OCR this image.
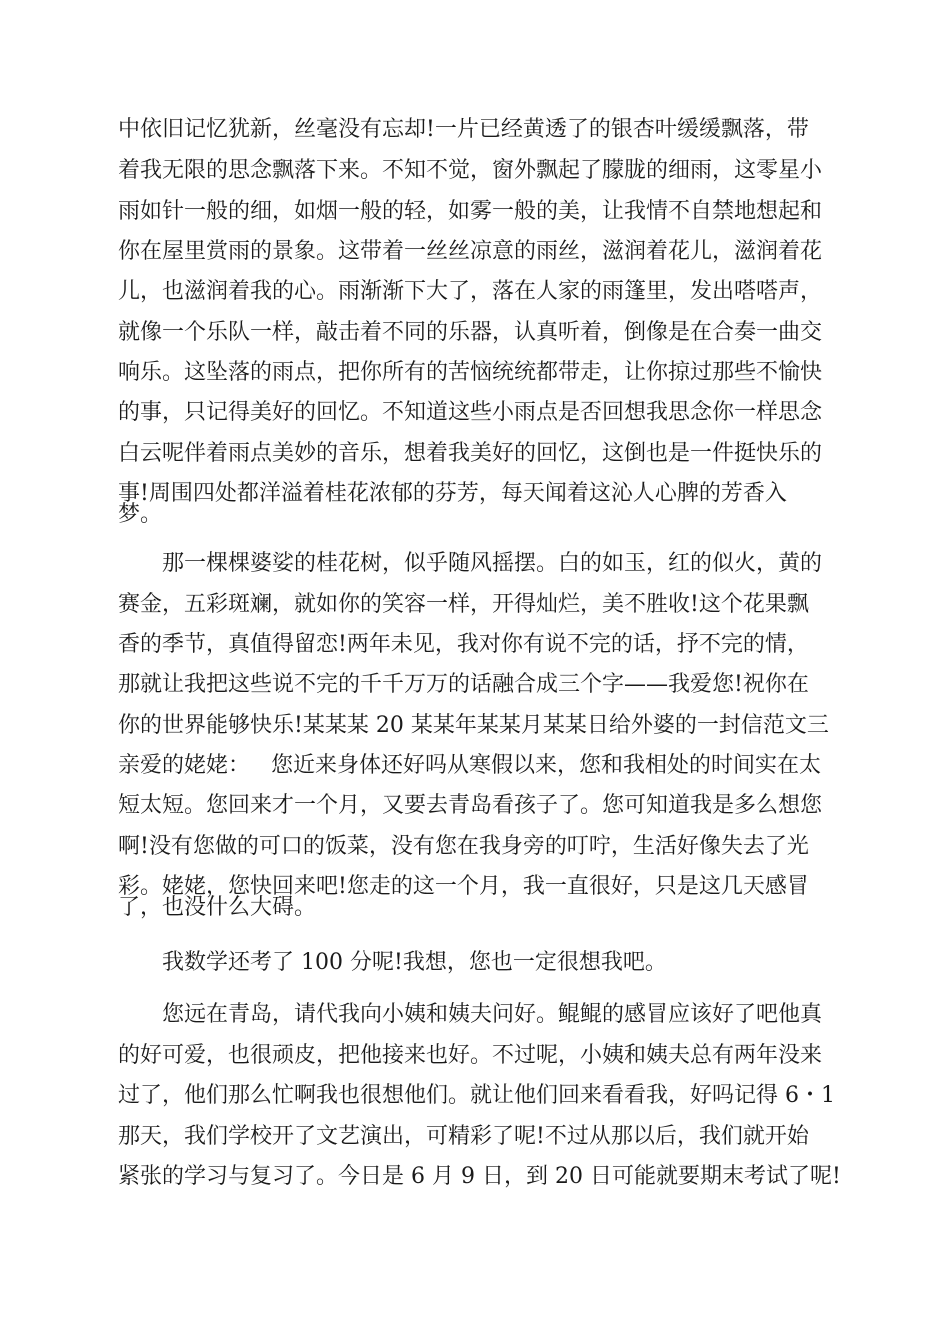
中依旧记忆犹新，丝毫没有忘却!一片已经黄透了的银杏叶缓缓飘落，带
着我无限的思念飘落下来。不知不觉，窗外飘起了朦胧的细雨，这零星小
雨如针一般的细，如烟一般的轻，如雾一般的美，让我情不自禁地想起和
你在屋里赏雨的景象。这带着一丝丝凉意的雨丝，滋润着花儿，滋润着花
儿，也滋润着我的心。雨渐渐下大了，落在人家的雨篷里，发出嗒嗒声，
就像一个乐队一样，敲击着不同的乐器，认真听着，倒像是在合奏一曲交
响乐。这坠落的雨点，把你所有的苦恼统统都带走，让你掠过那些不愉快
的事，只记得美好的回忆。不知道这些小雨点是否回想我思念你一样思念
白云呢伴着雨点美妙的音乐，想着我美好的回忆，这倒也是一件挺快乐的
事!周围四处都洋溢着桂花浓郁的芬芳，每天闻着这沁人心脾的芳香入
梦。
那一棵棵婆娑的桂花树，似乎随风摇摆。白的如玉，红的似火，黄的
赛金，五彩斑斓，就如你的笑容一样，开得灿烂，美不胜收!这个花果飘
香的季节，真值得留恋!两年未见，我对你有说不完的话，抒不完的情，
那就让我把这些说不完的千千万万的话融合成三个字——我爱您!祝你在
你的世界能够快乐!某某某 20 某某年某某月某某日给外婆的一封信范文三
亲爱的姥姥：   您近来身体还好吗从寒假以来，您和我相处的时间实在太
短太短。您回来才一个月，又要去青岛看孩子了。您可知道我是多么想您
啊!没有您做的可口的饭菜，没有您在我身旁的叮咛，生活好像失去了光
彩。姥姥，您快回来吧!您走的这一个月，我一直很好，只是这几天感冒
了，也没什么大碍。
我数学还考了 100 分呢!我想，您也一定很想我吧。
您远在青岛，请代我向小姨和姨夫问好。鲲鲲的感冒应该好了吧他真
的好可爱，也很顽皮，把他接来也好。不过呢，小姨和姨夫总有两年没来
过了，他们那么忙啊我也很想他们。就让他们回来看看我，好吗记得 6・1
那天，我们学校开了文艺演出，可精彩了呢!不过从那以后，我们就开始
紧张的学习与复习了。今日是 6 月 9 日，到 20 日可能就要期末考试了呢!
